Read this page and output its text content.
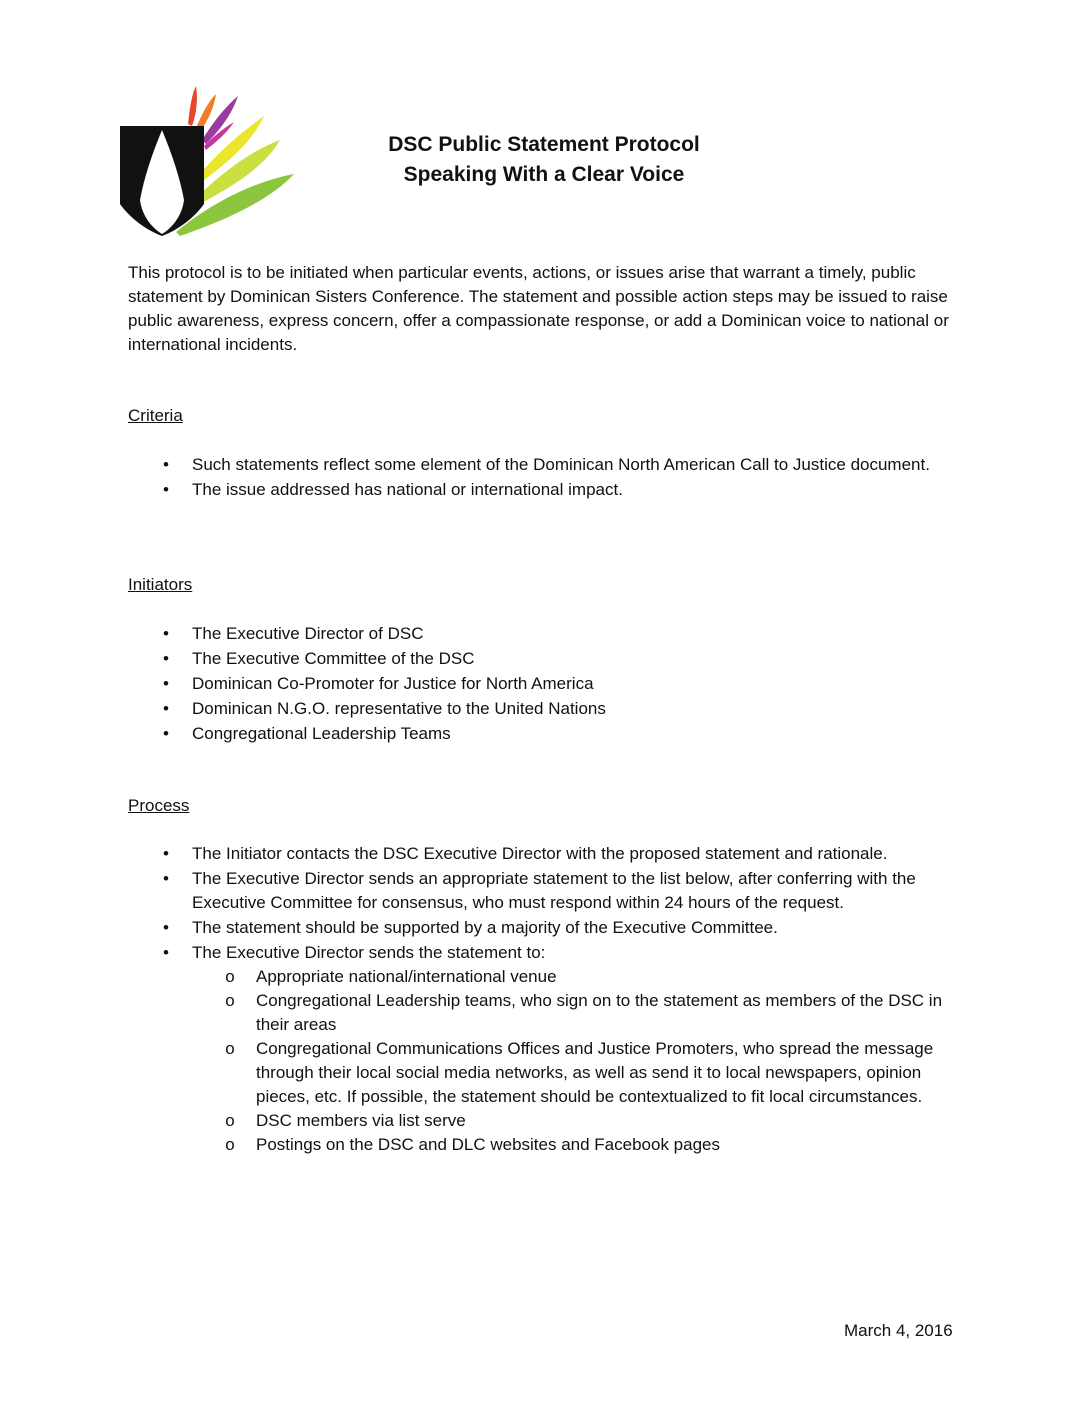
DSC Public Statement Protocol
Speaking With a Clear Voice

This protocol is to be initiated when particular events, actions, or issues arise that warrant a timely, public statement by Dominican Sisters Conference. The statement and possible action steps may be issued to raise public awareness, express concern, offer a compassionate response, or add a Dominican voice to national or international incidents.

Criteria
• Such statements reflect some element of the Dominican North American Call to Justice document.
• The issue addressed has national or international impact.
Initiators
• The Executive Director of DSC
• The Executive Committee of the DSC
• Dominican Co-Promoter for Justice for North America
• Dominican N.G.O. representative to the United Nations
• Congregational Leadership Teams
Process
• The Initiator contacts the DSC Executive Director with the proposed statement and rationale.
• The Executive Director sends an appropriate statement to the list below, after conferring with the Executive Committee for consensus, who must respond within 24 hours of the request.
• The statement should be supported by a majority of the Executive Committee.
• The Executive Director sends the statement to:
o Appropriate national/international venue
o Congregational Leadership teams, who sign on to the statement as members of the DSC in their areas
o Congregational Communications Offices and Justice Promoters, who spread the message through their local social media networks, as well as send it to local newspapers, opinion pieces, etc. If possible, the statement should be contextualized to fit local circumstances.
o DSC members via list serve
o Postings on the DSC and DLC websites and Facebook pages
March 4, 2016
